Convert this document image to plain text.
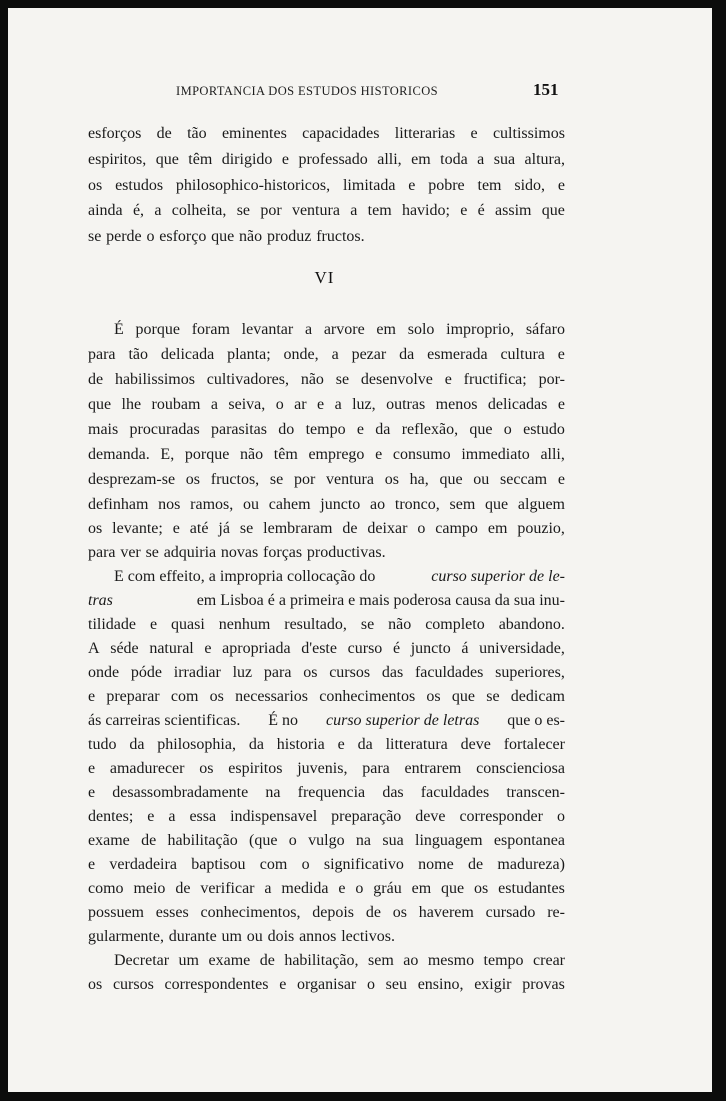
IMPORTANCIA DOS ESTUDOS HISTORICOS	151
esforços de tão eminentes capacidades litterarias e cultissimos
espiritos, que têm dirigido e professado alli, em toda a sua altura,
os estudos philosophico-historicos, limitada e pobre tem sido, e
ainda é, a colheita, se por ventura a tem havido; e é assim que
se perde o esforço que não produz fructos.
VI
É porque foram levantar a arvore em solo improprio, sáfaro
para tão delicada planta; onde, a pezar da esmerada cultura e
de habilissimos cultivadores, não se desenvolve e fructifica; por-
que lhe roubam a seiva, o ar e a luz, outras menos delicadas e
mais procuradas parasitas do tempo e da reflexão, que o estudo
demanda. E, porque não têm emprego e consumo immediato alli,
desprezam-se os fructos, se por ventura os ha, que ou seccam e
definham nos ramos, ou cahem juncto ao tronco, sem que alguem
os levante; e até já se lembraram de deixar o campo em pouzio,
para ver se adquiria novas forças productivas.
E com effeito, a impropria collocação do	curso superior de le-
tras	em Lisboa é a primeira e mais poderosa causa da sua inu-
tilidade e quasi nenhum resultado, se não completo abandono.
A séde natural e apropriada d'este curso é juncto á universidade,
onde póde irradiar luz para os cursos das faculdades superiores,
e preparar com os necessarios conhecimentos os que se dedicam
ás carreiras scientificas. É no curso superior de letras que o es-
tudo da philosophia, da historia e da litteratura deve fortalecer
e amadurecer os espiritos juvenis, para entrarem conscienciosa
e desassombradamente na frequencia das faculdades transcen-
dentes; e a essa indispensavel preparação deve corresponder o
exame de habilitação (que o vulgo na sua linguagem espontanea
e verdadeira baptisou com o significativo nome de madureza)
como meio de verificar a medida e o gráu em que os estudantes
possuem esses conhecimentos, depois de os haverem cursado re-
gularmente, durante um ou dois annos lectivos.
Decretar um exame de habilitação, sem ao mesmo tempo crear
os cursos correspondentes e organisar o seu ensino, exigir provas
